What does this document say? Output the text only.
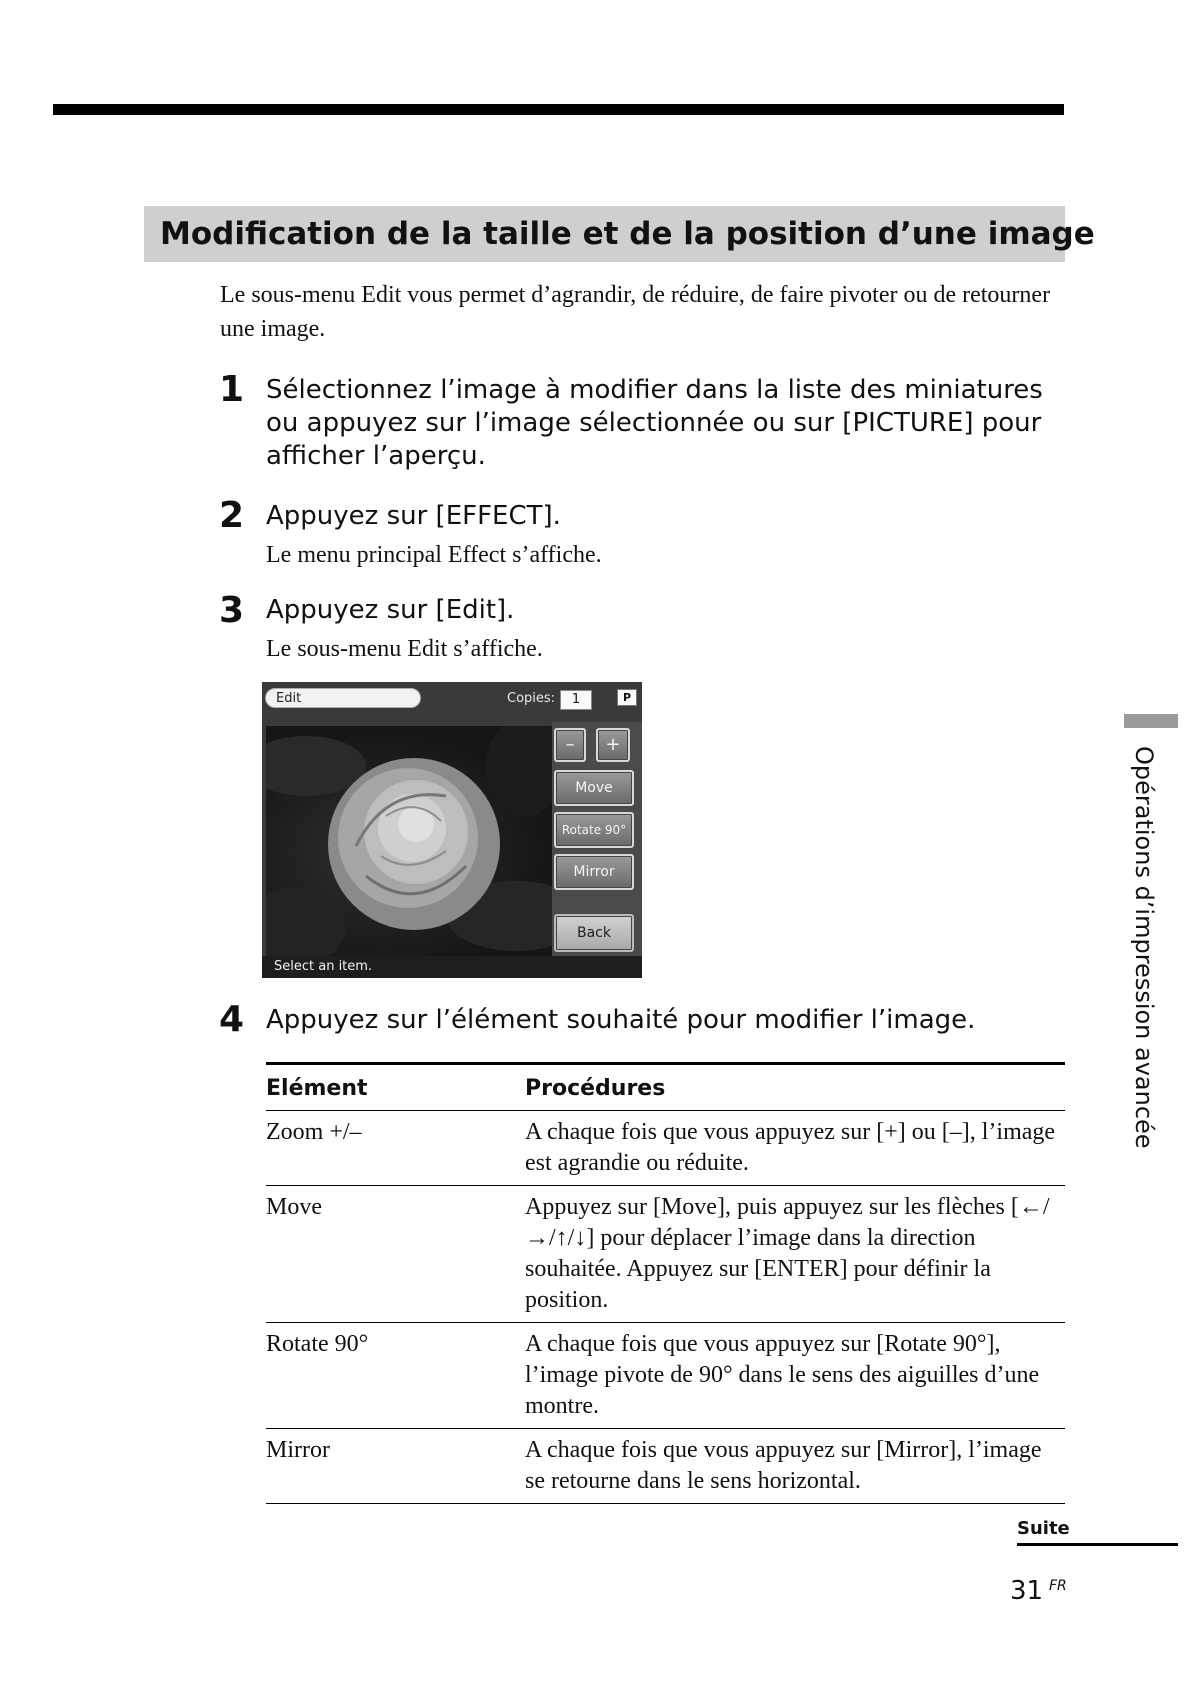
Modification de la taille et de la position d’une image

Le sous-menu Edit vous permet d’agrandir, de réduire, de faire pivoter ou de retourner une image.

1 Sélectionnez l’image à modifier dans la liste des miniatures ou appuyez sur l’image sélectionnée ou sur [PICTURE] pour afficher l’aperçu.

2 Appuyez sur [EFFECT].

Le menu principal Effect s’affiche.

3 Appuyez sur [Edit].

Le sous-menu Edit s’affiche.

Edit	Copies:	1	P
–	+
Move
Rotate 90°
Mirror
Back
Select an item.
4 Appuyez sur l’élément souhaité pour modifier l’image.

Elément	Procédures
Zoom +/–	A chaque fois que vous appuyez sur [+] ou [–], l’image est agrandie ou réduite.
Move	Appuyez sur [Move], puis appuyez sur les flèches [←/→/↑/↓] pour déplacer l’image dans la direction souhaitée. Appuyez sur [ENTER] pour définir la position.
Rotate 90°	A chaque fois que vous appuyez sur [Rotate 90°], l’image pivote de 90° dans le sens des aiguilles d’une montre.
Mirror	A chaque fois que vous appuyez sur [Mirror], l’image se retourne dans le sens horizontal.
Opérations d’impression avancée
Suite
31 FR
